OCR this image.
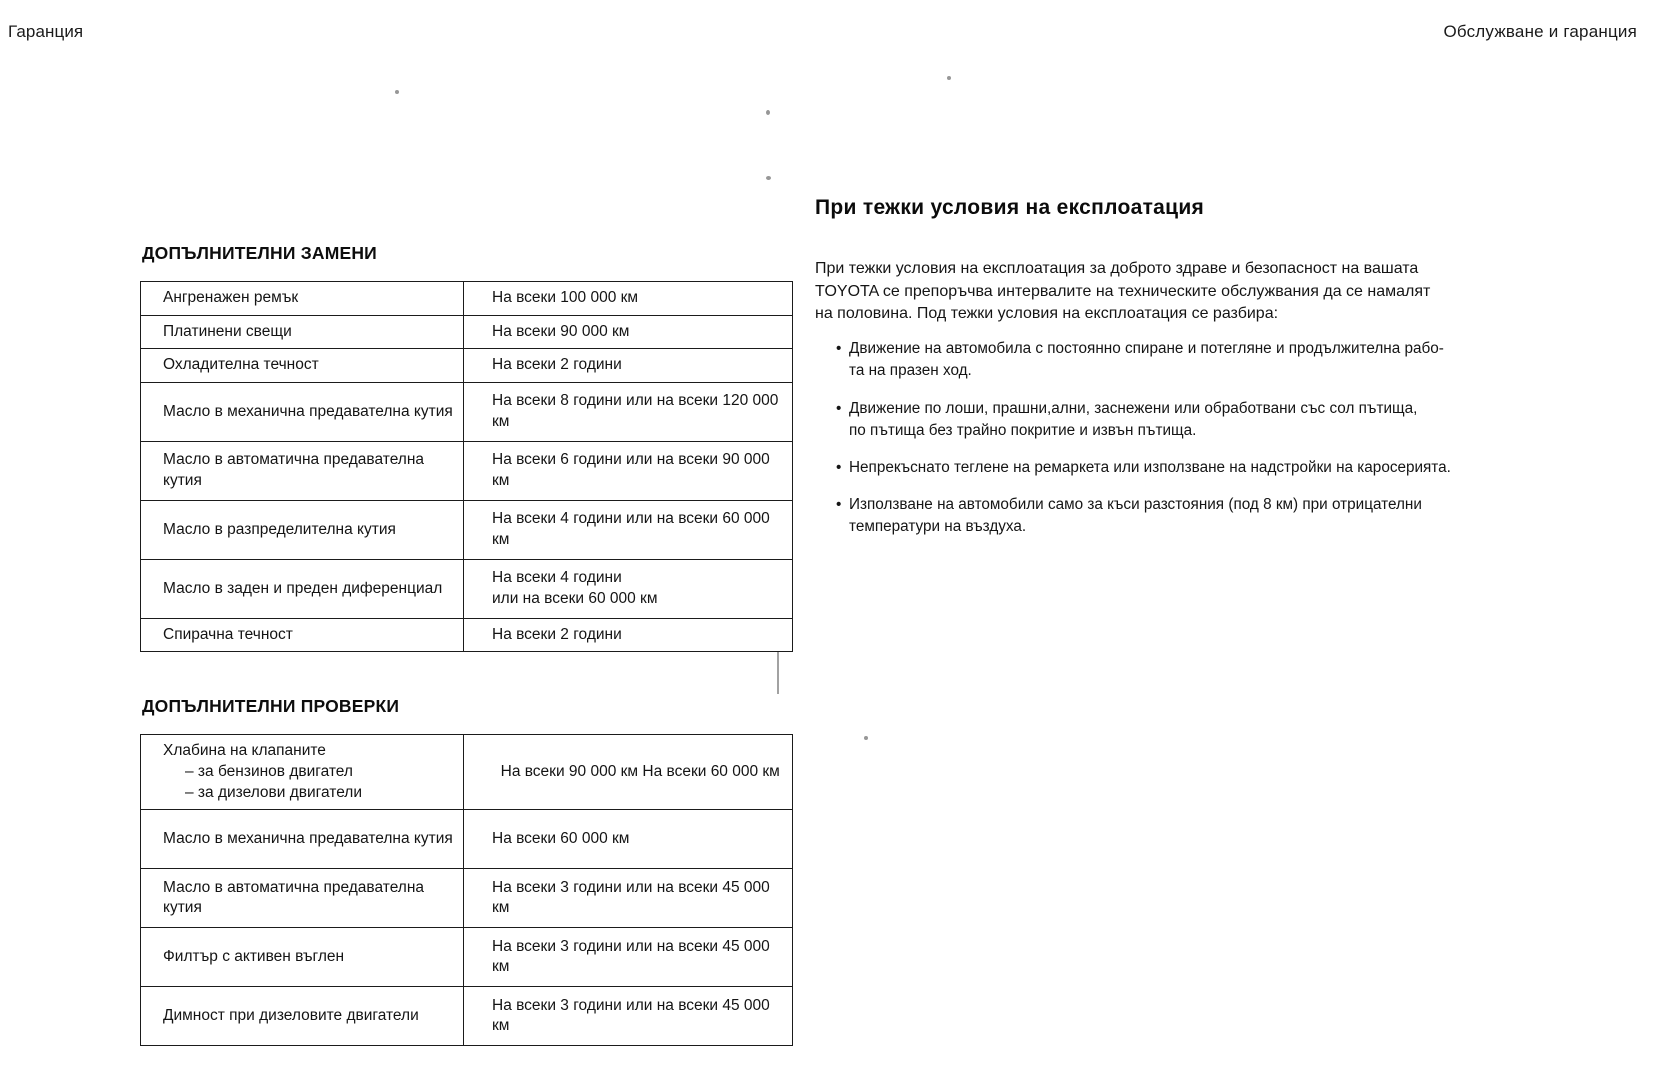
Гаранция	Обслужване и гаранция
ДОПЪЛНИТЕЛНИ ЗАМЕНИ
Ангренажен ремък	На всеки 100 000 км
Платинени свещи	На всеки 90 000 км
Охладителна течност	На всеки 2 години
Масло в механична предавателна кутия	На всеки 8 години или на всеки 120 000 км
Масло в автоматична предавателна кутия	На всеки 6 години или на всеки 90 000 км
Масло в разпределителна кутия	На всеки 4 години или на всеки 60 000 км
Масло в заден и преден диференциал	На всеки 4 години или на всеки 60 000 км
Спирачна течност	На всеки 2 години
ДОПЪЛНИТЕЛНИ ПРОВЕРКИ
Хлабина на клапаните
– за бензинов двигател
– за дизелови двигатели	На всеки 90 000 км На всеки 60 000 км
Масло в механична предавателна кутия	На всеки 60 000 км
Масло в автоматична предавателна кутия	На всеки 3 години или на всеки 45 000 км
Филтър с активен въглен	На всеки 3 години или на всеки 45 000 км
Димност при дизеловите двигатели	На всеки 3 години или на всеки 45 000 км
При тежки условия на експлоатация

При тежки условия на експлоатация за доброто здраве и безопасност на вашата
TOYOTA се препоръчва интервалите на техническите обслужвания да се намалят
на половина. Под тежки условия на експлоатация се разбира:

• Движение на автомобила с постоянно спиране и потегляне и продължителна рабо-
та на празен ход.
• Движение по лоши, прашни,ални, заснежени или обработвани със сол пътища,
по пътища без трайно покритие и извън пътища.
• Непрекъснато теглене на ремаркета или използване на надстройки на каросерията.
• Използване на автомобили само за къси разстояния (под 8 км) при отрицателни
температури на въздуха.
